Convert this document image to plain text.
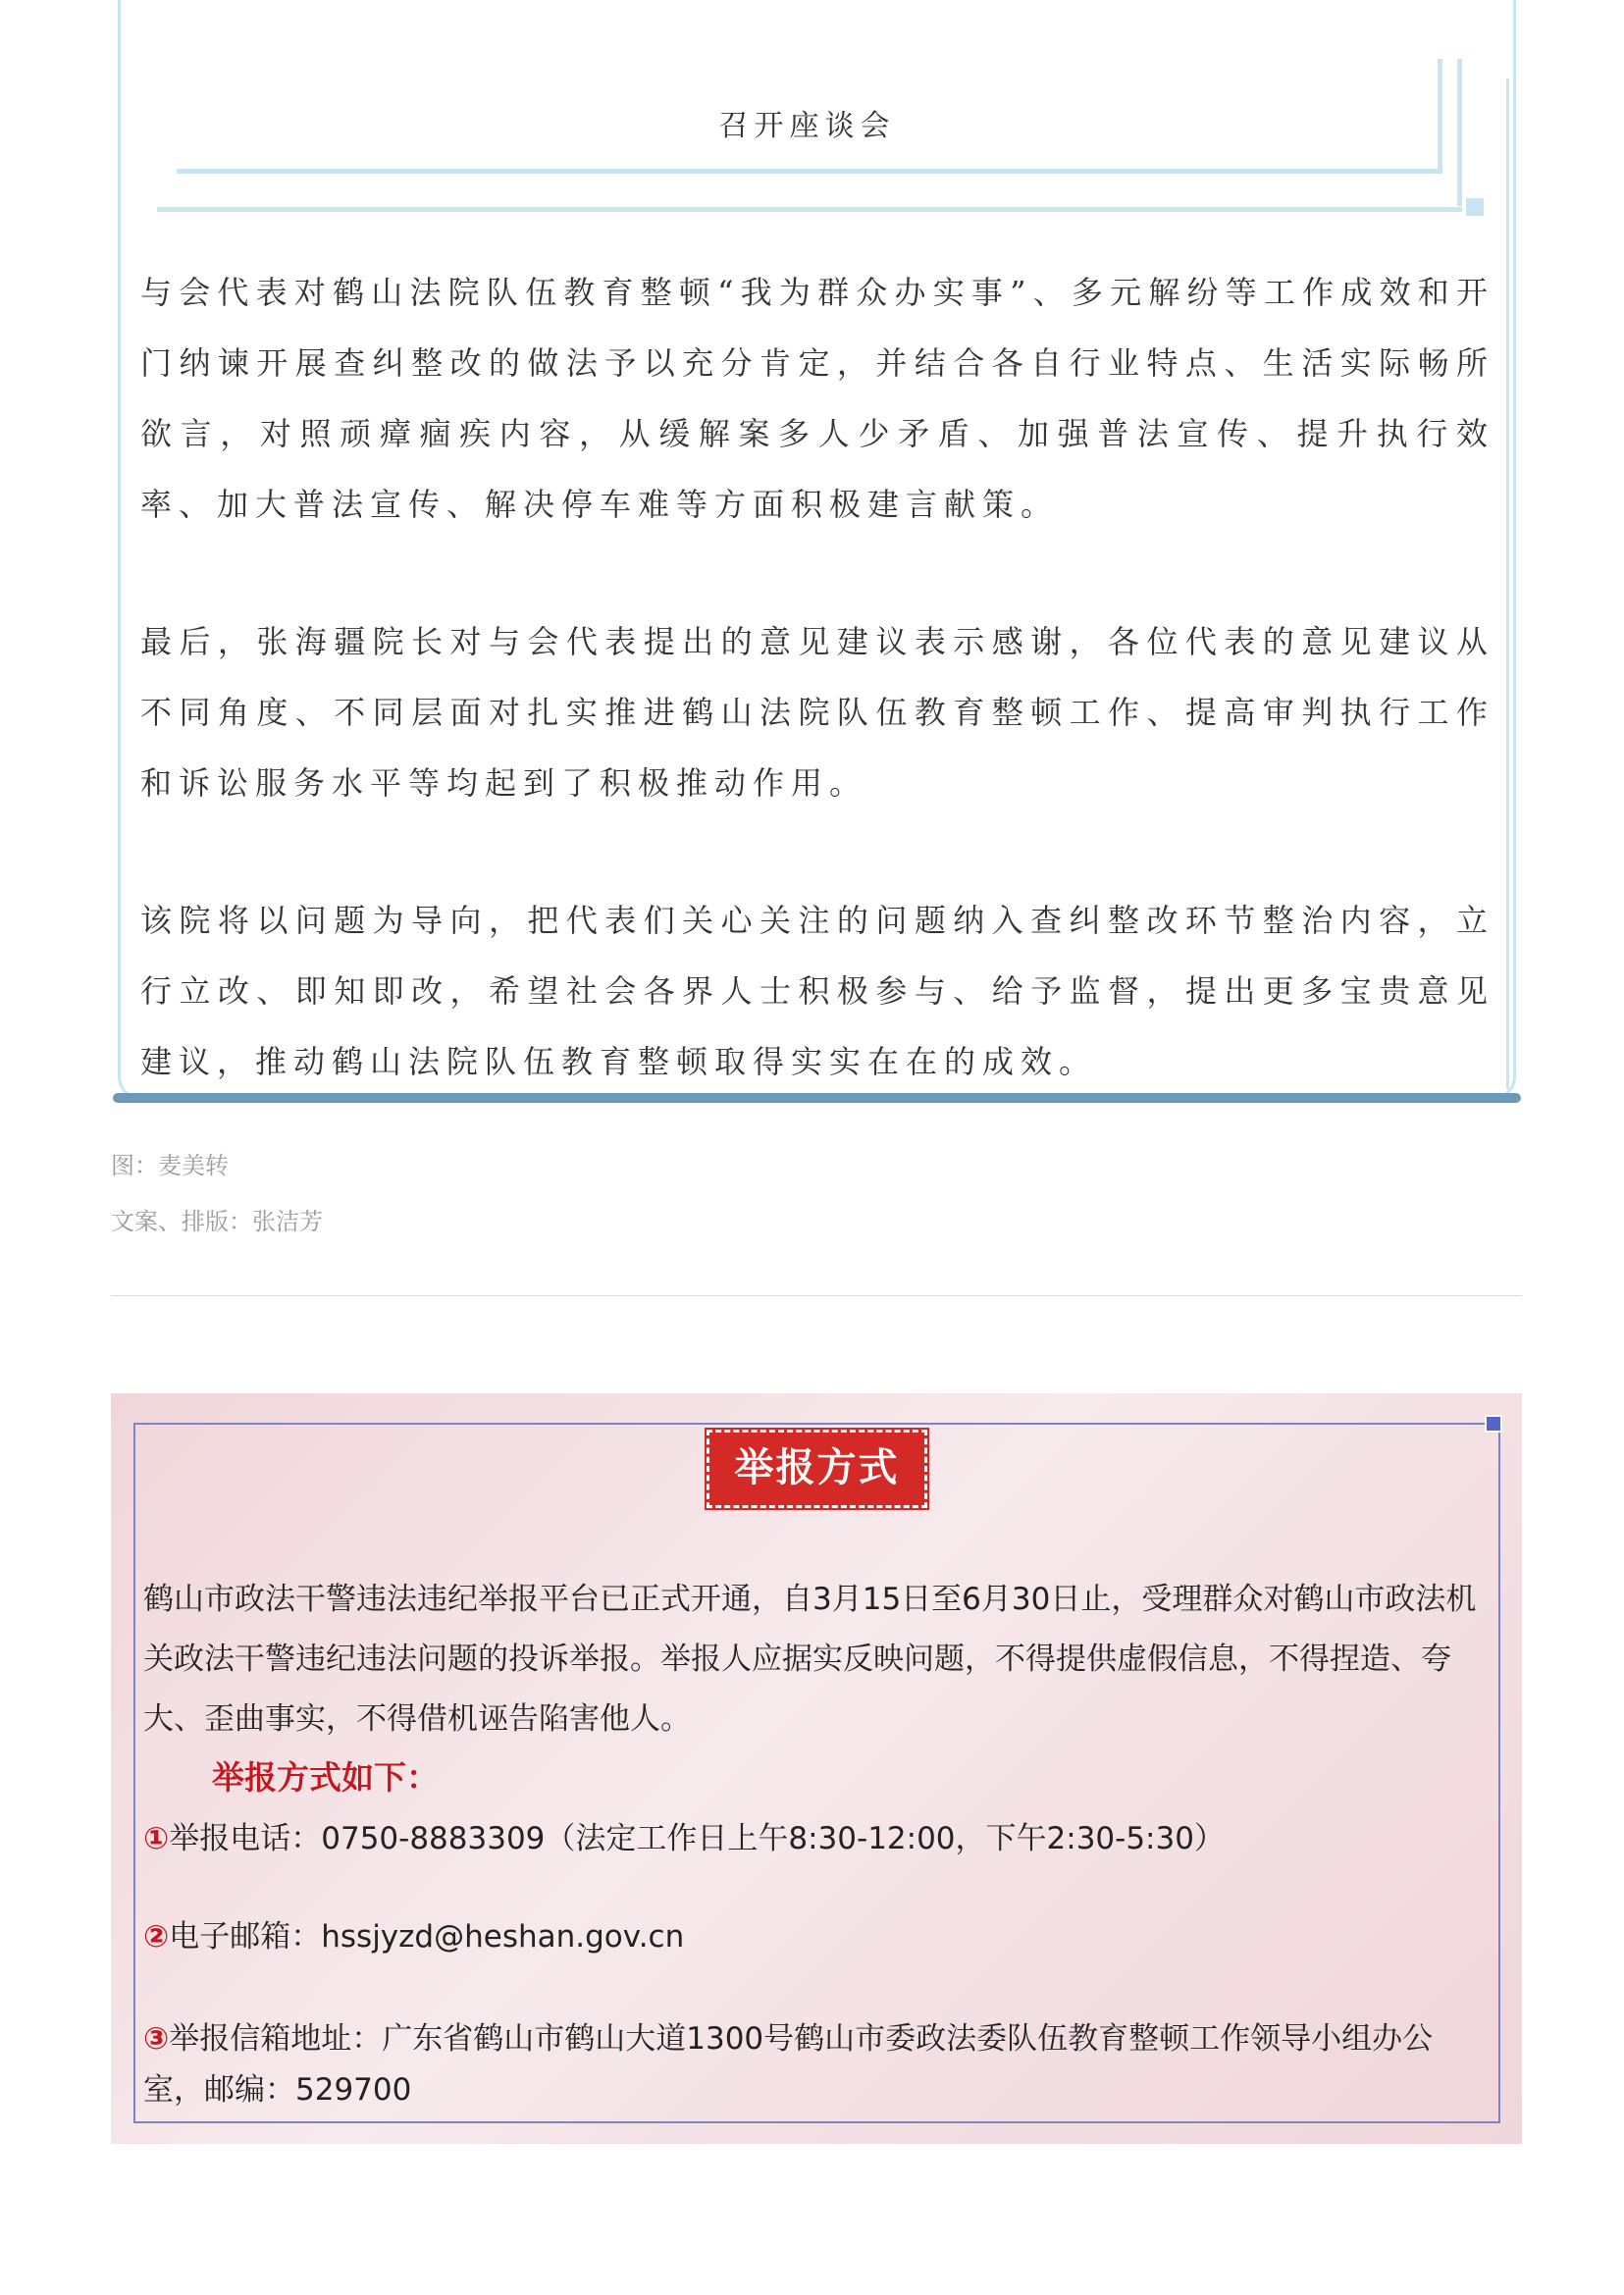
召开座谈会

与会代表对鹤山法院队伍教育整顿“我为群众办实事”、多元解纷等工作成效和开门纳谏开展查纠整改的做法予以充分肯定，并结合各自行业特点、生活实际畅所欲言，对照顽瘴痼疾内容，从缓解案多人少矛盾、加强普法宣传、提升执行效率、加大普法宣传、解决停车难等方面积极建言献策。

最后，张海疆院长对与会代表提出的意见建议表示感谢，各位代表的意见建议从不同角度、不同层面对扎实推进鹤山法院队伍教育整顿工作、提高审判执行工作和诉讼服务水平等均起到了积极推动作用。

该院将以问题为导向，把代表们关心关注的问题纳入查纠整改环节整治内容，立行立改、即知即改，希望社会各界人士积极参与、给予监督，提出更多宝贵意见建议，推动鹤山法院队伍教育整顿取得实实在在的成效。

图：麦美转
文案、排版：张洁芳
举报方式
鹤山市政法干警违法违纪举报平台已正式开通，自3月15日至6月30日止，受理群众对鹤山市政法机关政法干警违纪违法问题的投诉举报。举报人应据实反映问题，不得提供虚假信息，不得捏造、夸大、歪曲事实，不得借机诬告陷害他人。
举报方式如下：
①举报电话：0750-8883309（法定工作日上午8:30-12:00，下午2:30-5:30）
②电子邮箱：hssjyzd@heshan.gov.cn
③举报信箱地址：广东省鹤山市鹤山大道1300号鹤山市委政法委队伍教育整顿工作领导小组办公室，邮编：529700
